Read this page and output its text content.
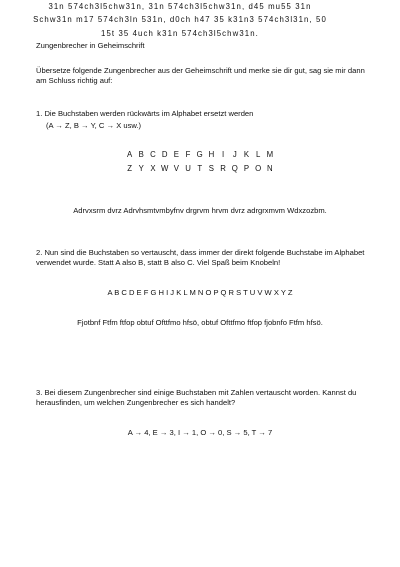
Zungenbrecher in Geheimschrift
Übersetze folgende Zungenbrecher aus der Geheimschrift und merke sie dir gut, sag sie mir dann am Schluss richtig auf:
1. Die Buchstaben werden rückwärts im Alphabet ersetzt werden
(A → Z, B → Y, C → X usw.)
A B C D E F G H I J K L M
Z Y X W V U T S R Q P O N
Adrvxsrm dvrz Adrvhsmtvmbyfnv drgrvm hrvm dvrz adrgrxmvm Wdxzozbm.
2. Nun sind die Buchstaben so vertauscht, dass immer der direkt folgende Buchstabe im Alphabet verwendet wurde. Statt A also B, statt B also C. Viel Spaß beim Knobeln!
A B C D E F G H I J K L M N O P Q R S T U V W X Y Z
Fjotbnf Ftfm ftfop obtuf Ofttfmo hfsö, obtuf Ofttfmo ftfop fjobnfo Ftfm hfsö.
3. Bei diesem Zungenbrecher sind einige Buchstaben mit Zahlen vertauscht worden. Kannst du herausfinden, um welchen Zungenbrecher es sich handelt?
A → 4, E → 3, I → 1, O → 0, S → 5, T → 7
31n 574ch3l5chw31n, 31n 574ch3l5chw31n, d45 mu55 31n
Schw31n m17 574ch3ln 531n, d0ch h47 35 k31n3 574ch3l31n, 50
15t 35 4uch k31n 574ch3l5chw31n.
